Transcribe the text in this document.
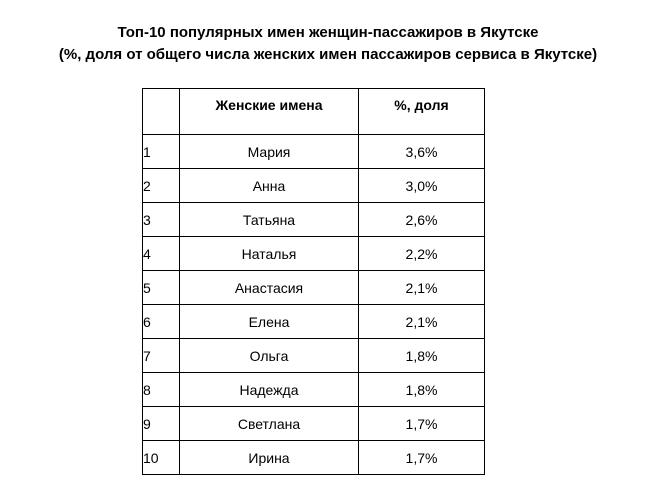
Топ-10 популярных имен женщин-пассажиров в Якутске
(%, доля от общего числа женских имен пассажиров сервиса в Якутске)
	Женские имена	%, доля
1	Мария	3,6%
2	Анна	3,0%
3	Татьяна	2,6%
4	Наталья	2,2%
5	Анастасия	2,1%
6	Елена	2,1%
7	Ольга	1,8%
8	Надежда	1,8%
9	Светлана	1,7%
10	Ирина	1,7%
